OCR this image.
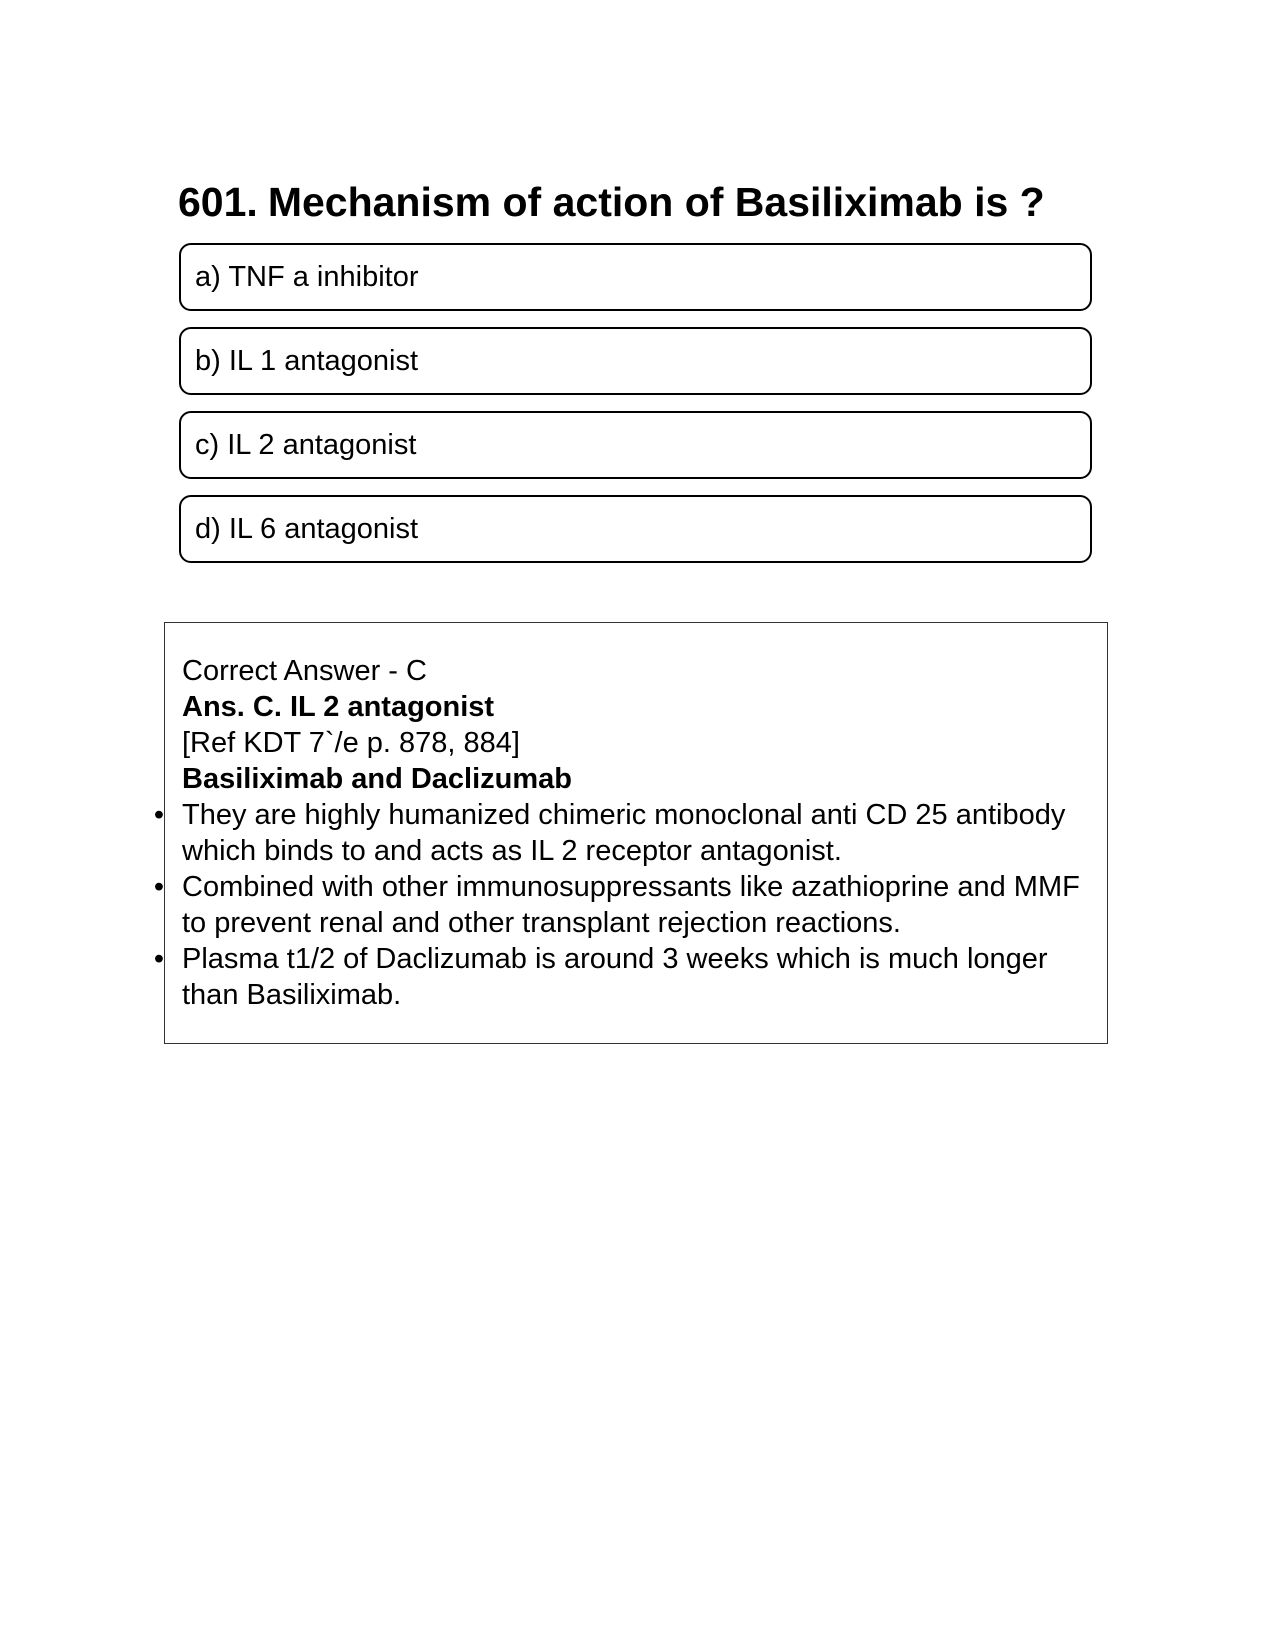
601. Mechanism of action of Basiliximab is ?
a) TNF a inhibitor
b) IL 1 antagonist
c) IL 2 antagonist
d) IL 6 antagonist
Correct Answer - C
Ans. C. IL 2 antagonist
[Ref KDT 7`/e p. 878, 884]
Basiliximab and Daclizumab
• They are highly humanized chimeric monoclonal anti CD 25 antibody which binds to and acts as IL 2 receptor antagonist.
• Combined with other immunosuppressants like azathioprine and MMF to prevent renal and other transplant rejection reactions.
• Plasma t1/2 of Daclizumab is around 3 weeks which is much longer than Basiliximab.
